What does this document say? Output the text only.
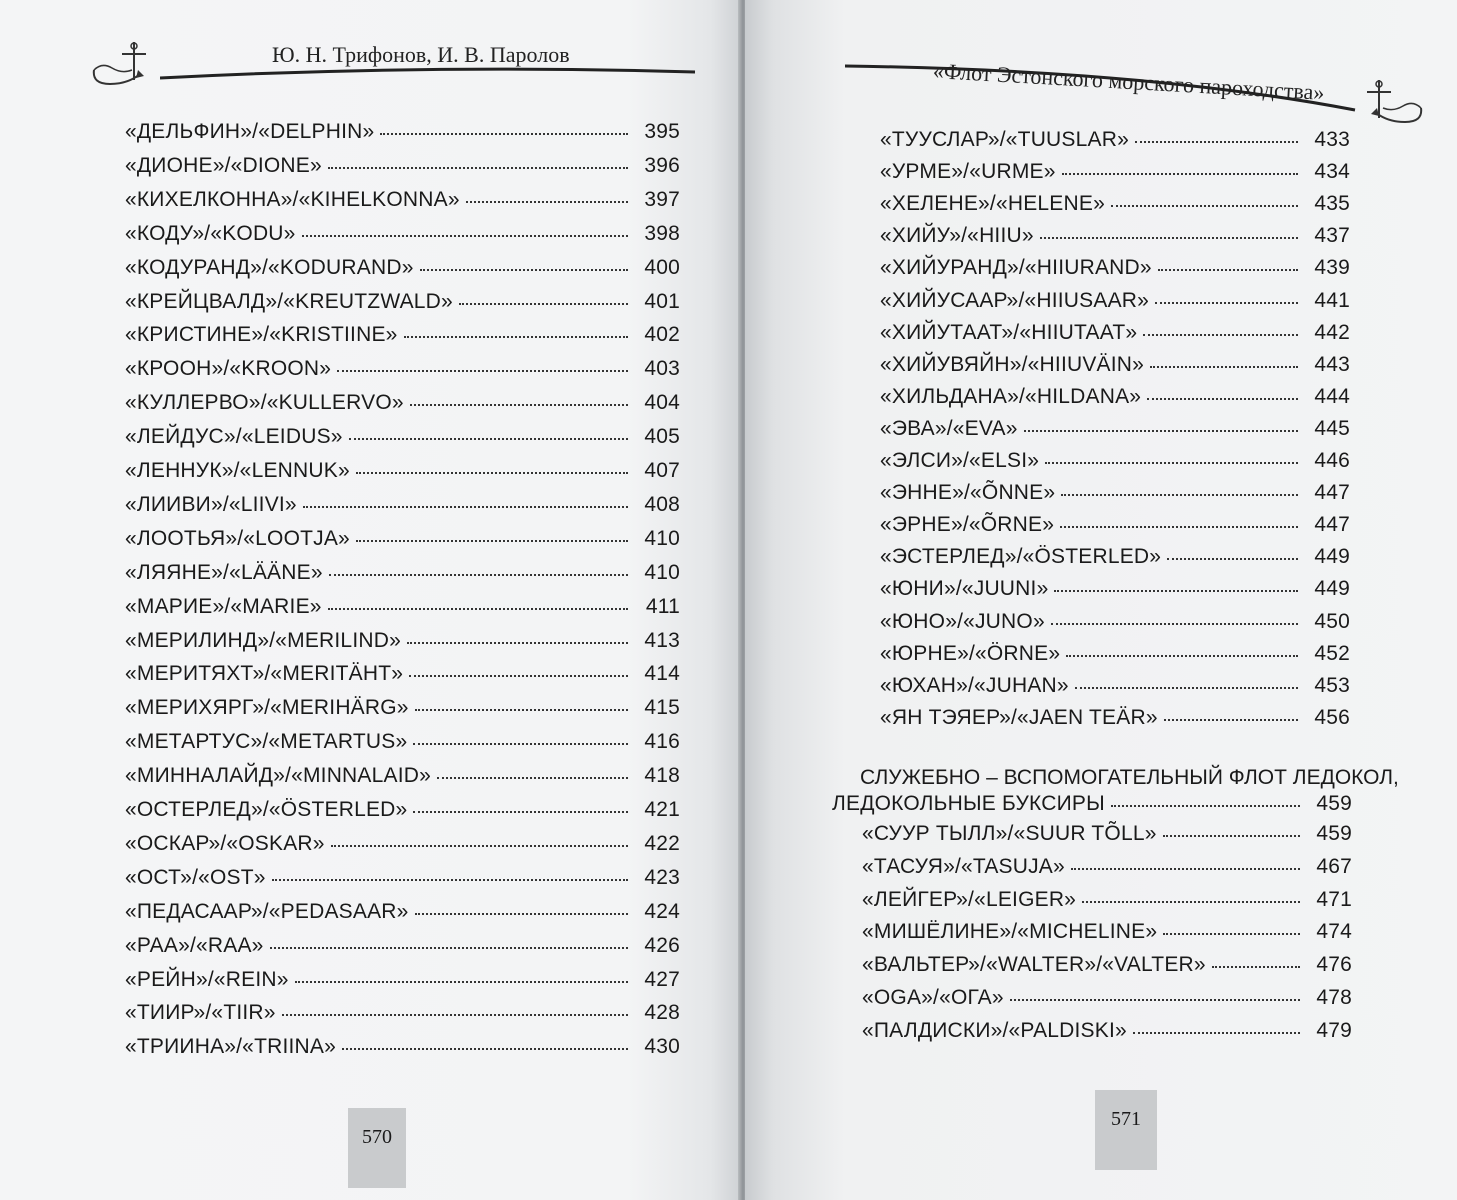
Ю. Н. Трифонов, И. В. Паролов
«ДЕЛЬФИН»/«DELPHIN»	395
«ДИОНЕ»/«DIONE»	396
«КИХЕЛКОННА»/«KIHELKONNA»	397
«КОДУ»/«KODU»	398
«КОДУРАНД»/«KODURAND»	400
«КРЕЙЦВАЛД»/«KREUTZWALD»	401
«КРИСТИНЕ»/«KRISTIINE»	402
«КРООН»/«KROON»	403
«КУЛЛЕРВО»/«KULLERVO»	404
«ЛЕЙДУС»/«LEIDUS»	405
«ЛЕННУК»/«LENNUK»	407
«ЛИИВИ»/«LIIVI»	408
«ЛООТЬЯ»/«LOOTJA»	410
«ЛЯЯНЕ»/«LÄÄNE»	410
«МАРИЕ»/«MARIE»	411
«МЕРИЛИНД»/«MERILIND»	413
«МЕРИТЯХТ»/«MERITÄHT»	414
«МЕРИХЯРГ»/«MERIHÄRG»	415
«МЕТАРТУС»/«METARTUS»	416
«МИННАЛАЙД»/«MINNALAID»	418
«ОСТЕРЛЕД»/«ÖSTERLED»	421
«ОСКАР»/«OSKAR»	422
«ОСТ»/«OST»	423
«ПЕДАСААР»/«PEDASAAR»	424
«РАА»/«RAA»	426
«РЕЙН»/«REIN»	427
«ТИИР»/«TIIR»	428
«ТРИИНА»/«TRIINA»	430
570
«Флот Эстонского морского пароходства»
«ТУУСЛАР»/«TUUSLAR»	433
«УРМЕ»/«URME»	434
«ХЕЛЕНЕ»/«HELENE»	435
«ХИЙУ»/«HIIU»	437
«ХИЙУРАНД»/«HIIURAND»	439
«ХИЙУСААР»/«HIIUSAAR»	441
«ХИЙУТААТ»/«HIIUTAAT»	442
«ХИЙУВЯЙН»/«HIIUVÄIN»	443
«ХИЛЬДАНА»/«HILDANA»	444
«ЭВА»/«EVA»	445
«ЭЛСИ»/«ELSI»	446
«ЭННЕ»/«ÕNNE»	447
«ЭРНЕ»/«ÕRNE»	447
«ЭСТЕРЛЕД»/«ÖSTERLED»	449
«ЮНИ»/«JUUNI»	449
«ЮНО»/«JUNO»	450
«ЮРНЕ»/«ÖRNE»	452
«ЮХАН»/«JUHAN»	453
«ЯН ТЭЯЕР»/«JAEN TEÄR»	456
СЛУЖЕБНО – ВСПОМОГАТЕЛЬНЫЙ ФЛОТ ЛЕДОКОЛ,
ЛЕДОКОЛЬНЫЕ БУКСИРЫ	459
«СУУР ТЫЛЛ»/«SUUR TÕLL»	459
«ТАСУЯ»/«TASUJA»	467
«ЛЕЙГЕР»/«LEIGER»	471
«МИШЁЛИНЕ»/«MICHELINE»	474
«ВАЛЬТЕР»/«WALTER»/«VALTER»	476
«OGA»/«ОГА»	478
«ПАЛДИСКИ»/«PALDISKI»	479
571
